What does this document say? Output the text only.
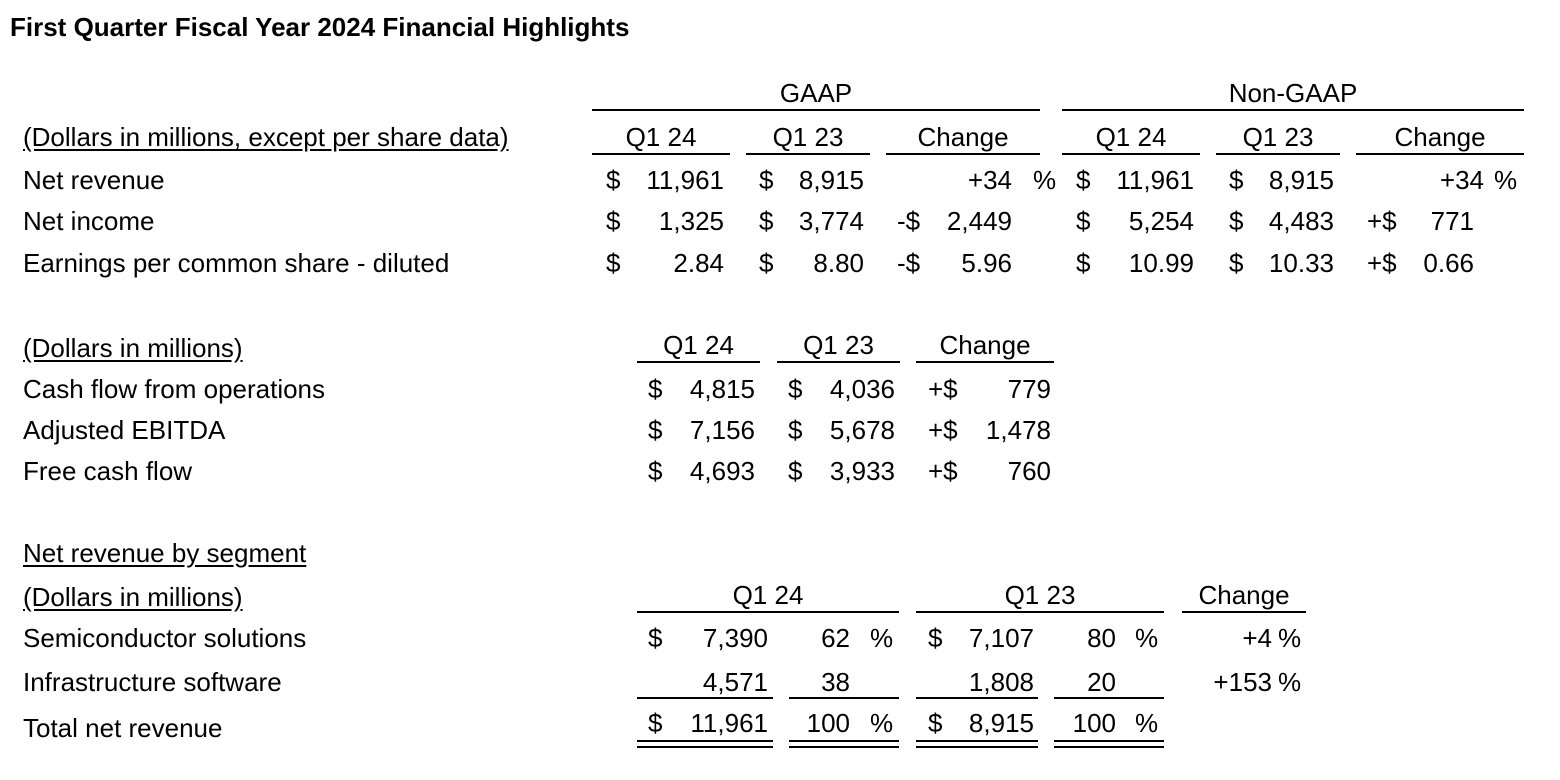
First Quarter Fiscal Year 2024 Financial Highlights
GAAP	Non-GAAP
(Dollars in millions, except per share data)	Q1 24	Q1 23	Change	Q1 24	Q1 23	Change
Net revenue	$ 11,961 $ 8,915	+34 % $ 11,961 $ 8,915	+34 %
Net income	$	1,325 $ 3,774 -$	2,449 $	5,254 $ 4,483 +$	771
Earnings per common share - diluted	$	2.84 $	8.80 -$	5.96 $	10.99 $ 10.33 +$	0.66
(Dollars in millions)	Q1 24	Q1 23	Change
Cash flow from operations	$	4,815 $	4,036 +$	779
Adjusted EBITDA	$	7,156 $	5,678 +$	1,478
Free cash flow	$	4,693 $	3,933 +$	760
Net revenue by segment
(Dollars in millions)	Q1 24	Q1 23	Change
Semiconductor solutions	$	7,390	62 % $	7,107	80 %	+4 %
Infrastructure software	4,571	38	1,808	20	+153 %
Total net revenue	$	11,961	100 % $	8,915	100 %
